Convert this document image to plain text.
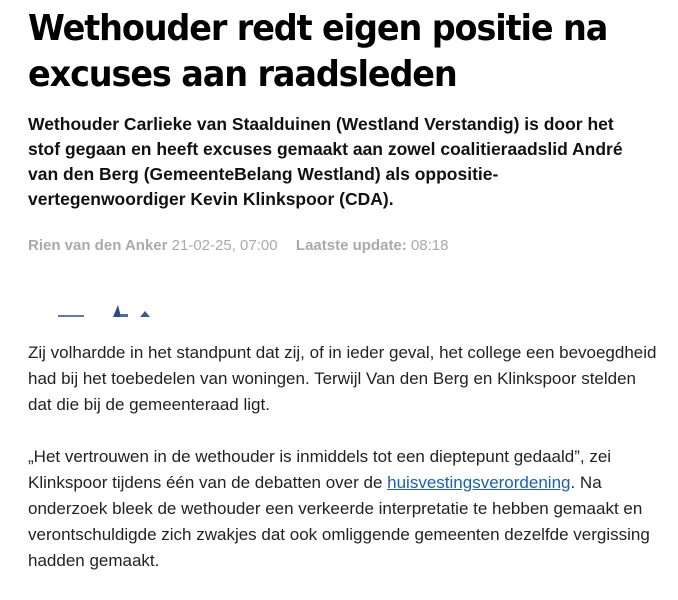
Wethouder redt eigen positie na excuses aan raadsleden

Wethouder Carlieke van Staalduinen (Westland Verstandig) is door het stof gegaan en heeft excuses gemaakt aan zowel coalitieraadslid André van den Berg (GemeenteBelang Westland) als oppositie-vertegenwoordiger Kevin Klinkspoor (CDA).

Rien van den Anker 21-02-25, 07:00 Laatste update: 08:18

Zij volhardde in het standpunt dat zij, of in ieder geval, het college een bevoegdheid had bij het toebedelen van woningen. Terwijl Van den Berg en Klinkspoor stelden dat die bij de gemeenteraad ligt.

„Het vertrouwen in de wethouder is inmiddels tot een dieptepunt gedaald”, zei Klinkspoor tijdens één van de debatten over de huisvestingsverordening. Na onderzoek bleek de wethouder een verkeerde interpretatie te hebben gemaakt en verontschuldigde zich zwakjes dat ook omliggende gemeenten dezelfde vergissing hadden gemaakt.
